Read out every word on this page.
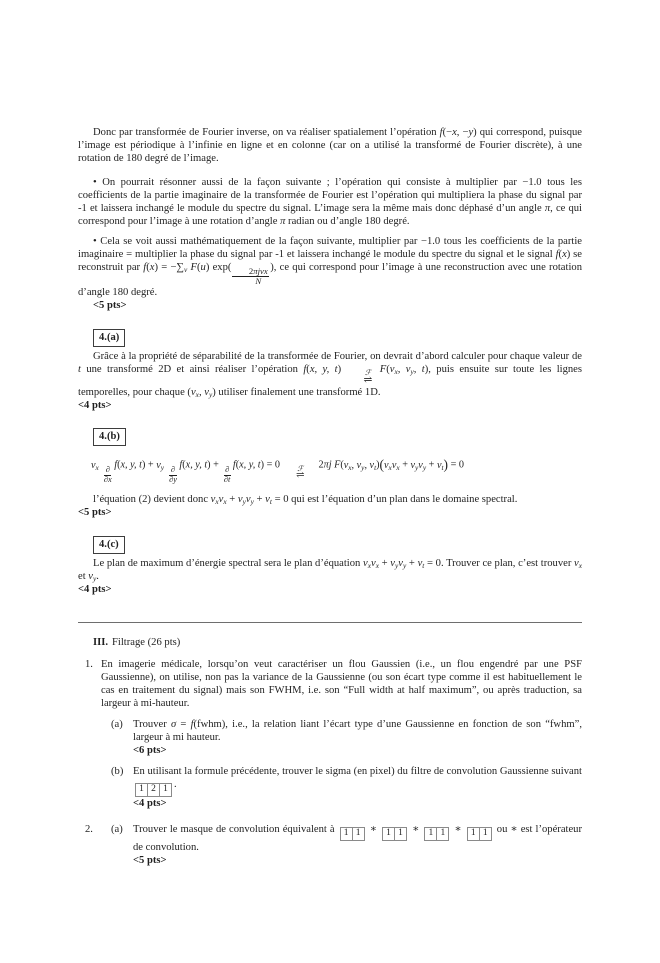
Donc par transformée de Fourier inverse, on va réaliser spatialement l’opération f(−x, −y) qui correspond, puisque l’image est périodique à l’infinie en ligne et en colonne (car on a utilisé la transformé de Fourier discrète), à une rotation de 180 degré de l’image.

• On pourrait résonner aussi de la façon suivante ; l’opération qui consiste à multiplier par −1.0 tous les coefficients de la partie imaginaire de la transformée de Fourier est l’opération qui multipliera la phase du signal par -1 et laissera inchangé le module du spectre du signal. L’image sera la même mais donc déphasé d’un angle π, ce qui correspond pour l’image à une rotation d’angle π radian ou d’angle 180 degré.

• Cela se voit aussi mathématiquement de la façon suivante, multiplier par −1.0 tous les coefficients de la partie imaginaire = multiplier la phase du signal par -1 et laissera inchangé le module du spectre du signal et le signal f(x) se reconstruit par $f(x) = -\sum_\nu$ F(u) $\exp( \frac{\text{2πjνx}}{N}$ ), ce qui correspond pour l’image à une reconstruction avec une rotation d’angle 180 degré.

<5 pts>

4.(a)

Grâce à la propriété de séparabilité de la transformée de Fourier, on devrait d’abord calculer pour chaque valeur de t une transformé 2D et ainsi réaliser l’opération f(x, y, t)	ℱ
⇌
$F(\nu_x$, $\nu_y$, t), puis ensuite sur toute les lignes temporelles, pour chaque ($\nu_x$, $\nu_y$) utiliser finalement une transformé 1D.

<4 pts>

4.(b)
$v_x \frac{\partial}{\partial x}$
f(x, y, $t) + v_y \frac{\partial}{\partial y}$
f(x, y, t) +
$\frac{\partial}{\partial t}$
f(x, y, t) = 0 ℱ
⇌
2πj $F(\nu_x$, $\nu_y$, $\nu_t)(v_x\nu_x + v_y\nu_y + \nu_t) = 0$

l’équation (2) devient donc $v_x\nu_x + v_y\nu_y + \nu_t = 0$ qui est l’équation d’un plan dans le domaine spectral.

<5 pts>

4.(c)

Le plan de maximum d’énergie spectral sera le plan d’équation $v_x\nu_x + v_y\nu_y + \nu_t = 0$. Trouver ce plan, c’est trouver $v_x$ et $v_y$.

<4 pts>

III. Filtrage (26 pts)

1. En imagerie médicale, lorsqu’on veut caractériser un flou Gaussien (i.e., un flou engendré par une PSF Gaussienne), on utilise, non pas la variance de la Gaussienne (ou son écart type comme il est habituellement le cas en traitement du signal) mais son FWHM, i.e. son “Full width at half maximum”, ou après traduction, sa largeur à mi-hauteur.

(a) Trouver σ = f(fwhm), i.e., la relation liant l’écart type d’une Gaussienne en fonction de son “fwhm”, largeur à mi hauteur.

<6 pts>

(b) En utilisant la formule précédente, trouver le sigma (en pixel) du filtre de convolution Gaussienne suivant
1 2 1 .

<4 pts>

2.	(a) Trouver le masque de convolution équivalent à 1 1 ∗ 1 1 ∗ 1 1 ∗ 1 1 ou ∗ est l’opérateur de convolution.

<5 pts>
